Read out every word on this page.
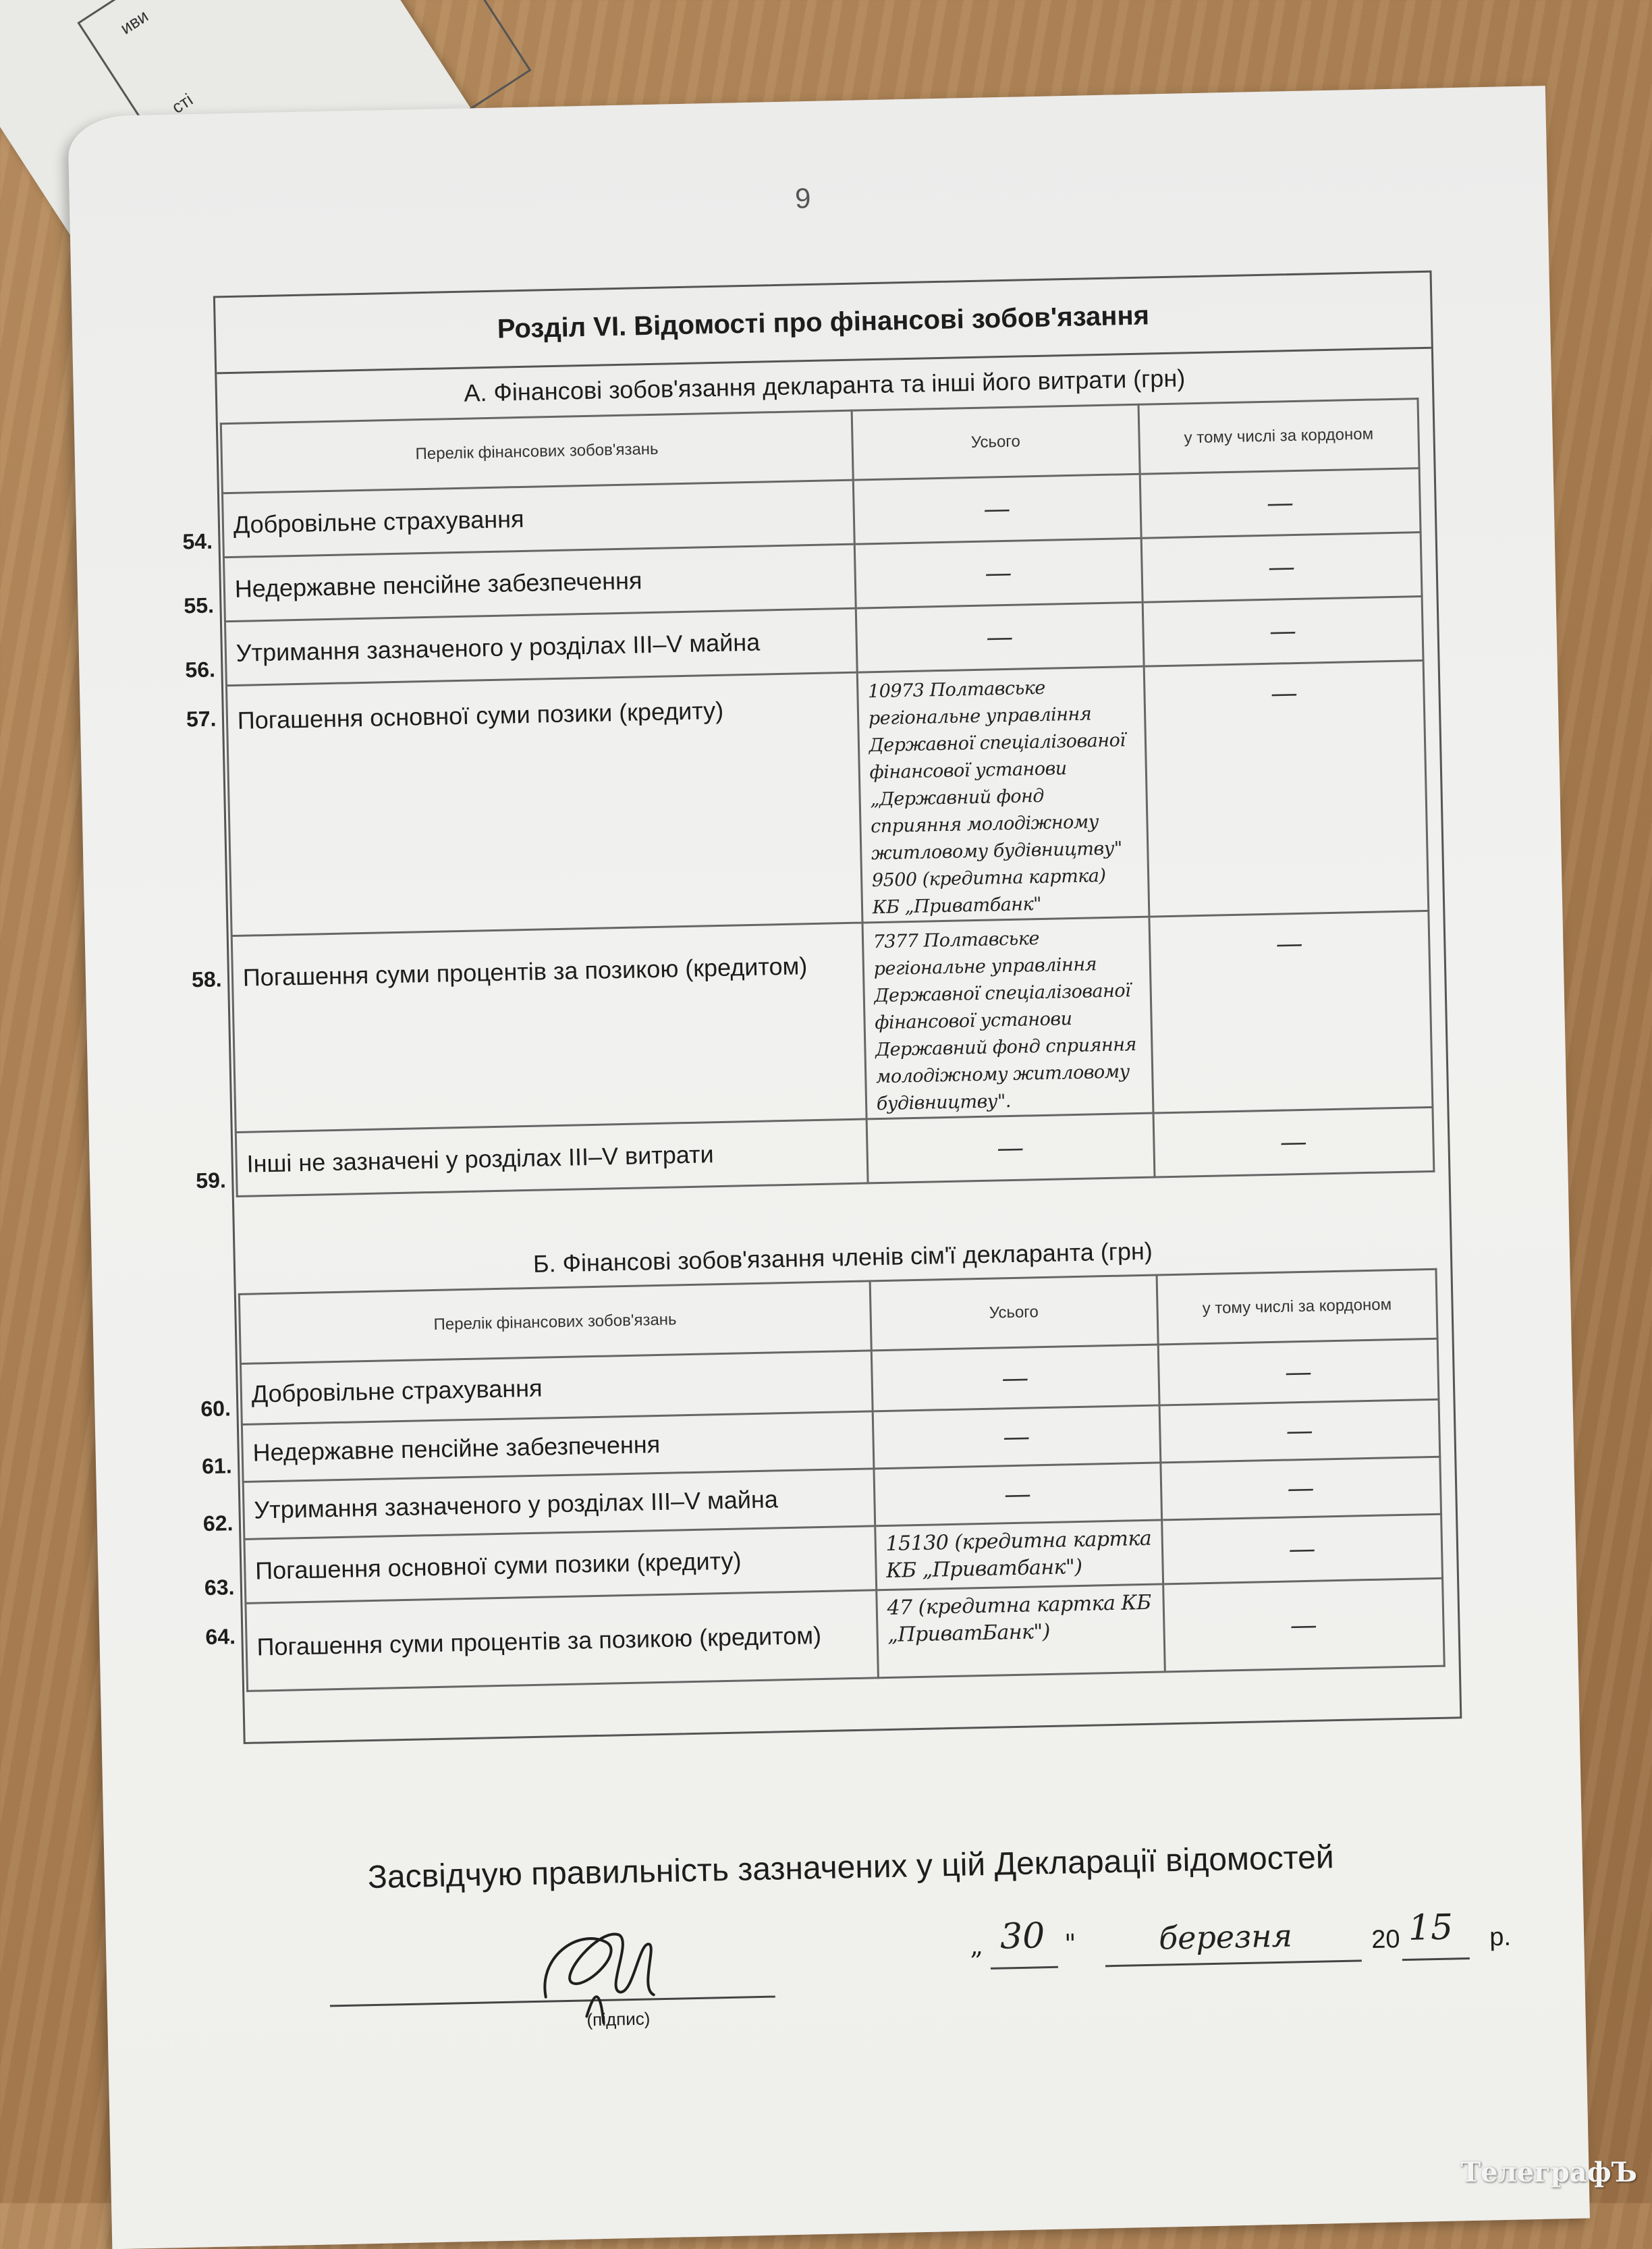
иви
сті
9
Розділ VI. Відомості про фінансові зобов'язання
А. Фінансові зобов'язання декларанта та інші його витрати (грн)
	Перелік фінансових зобов'язань	Усього	у тому числі за кордоном
54.	Добровільне страхування	—	—
55.	Недержавне пенсійне забезпечення	—	—
56.	Утримання зазначеного у розділах III–V майна	—	—
57.	Погашення основної суми позики (кредиту)	10973 Полтавське регіональне управління Державної спеціалізованої фінансової установи „Державний фонд сприяння молодіжному житловому будівництву" 9500 (кредитна картка) КБ „Приватбанк"	—
58.	Погашення суми процентів за позикою (кредитом)	7377 Полтавське регіональне управління Державної спеціалізованої фінансової установи Державний фонд сприяння молодіжному житловому будівництву".	—
59.	Інші не зазначені у розділах III–V витрати	—	—
Б. Фінансові зобов'язання членів сім'ї декларанта (грн)
	Перелік фінансових зобов'язань	Усього	у тому числі за кордоном
60.	Добровільне страхування	—	—
61.	Недержавне пенсійне забезпечення	—	—
62.	Утримання зазначеного у розділах III–V майна	—	—
63.	Погашення основної суми позики (кредиту)	15130 (кредитна картка КБ „Приватбанк")	—
64.	Погашення суми процентів за позикою (кредитом)	47 (кредитна картка КБ „ПриватБанк")	—
Засвідчую правильність зазначених у цій Декларації відомостей
(підпис)
„ 30 "	березня	20 15 р.
ТелеграфЪ
